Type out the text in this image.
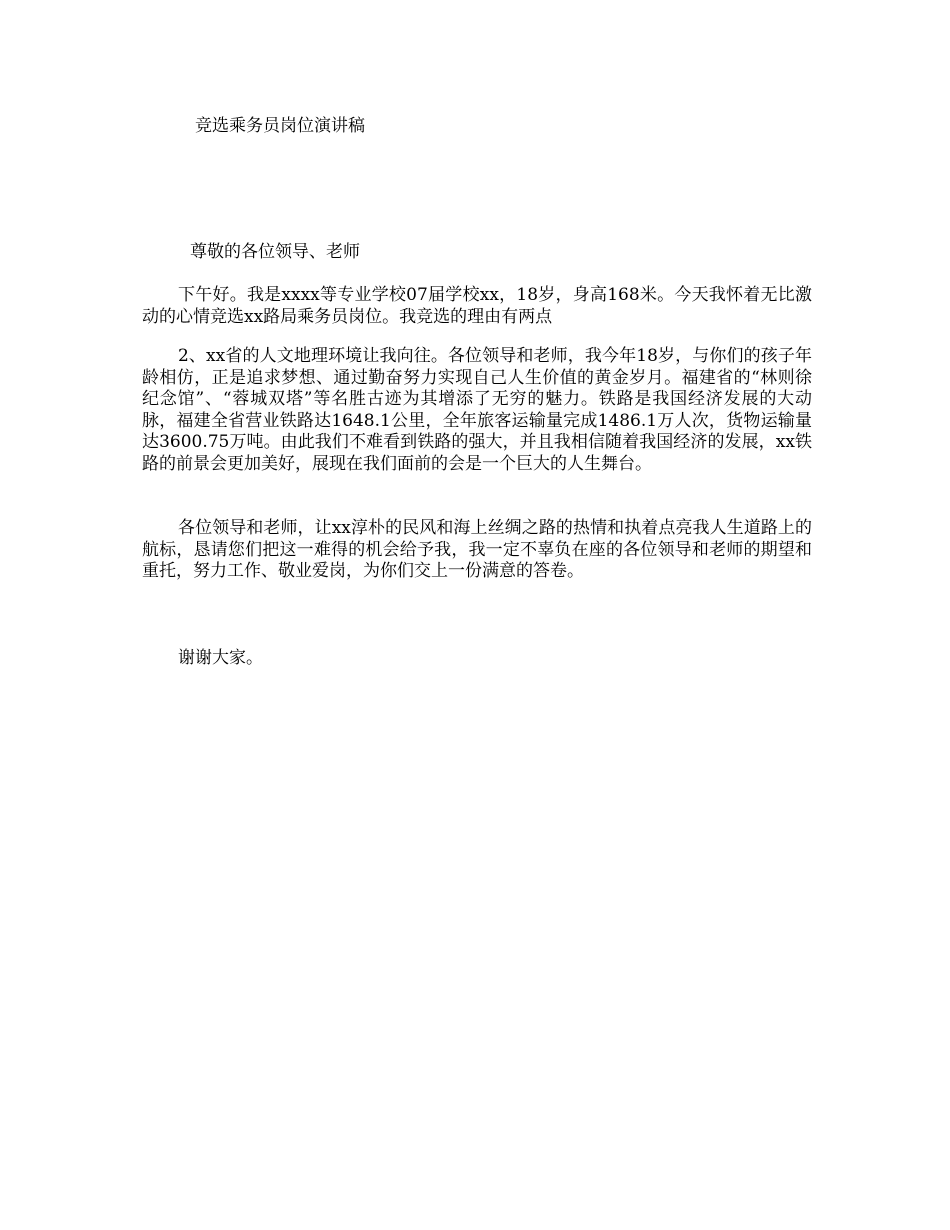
竞选乘务员岗位演讲稿
尊敬的各位领导、老师
下午好。我是xxxx等专业学校07届学校xx，18岁，身高168米。今天我怀着无比激动的心情竞选xx路局乘务员岗位。我竞选的理由有两点
2、xx省的人文地理环境让我向往。各位领导和老师，我今年18岁，与你们的孩子年龄相仿，正是追求梦想、通过勤奋努力实现自己人生价值的黄金岁月。福建省的“林则徐纪念馆”、“蓉城双塔”等名胜古迹为其增添了无穷的魅力。铁路是我国经济发展的大动脉，福建全省营业铁路达1648.1公里，全年旅客运输量完成1486.1万人次，货物运输量达3600.75万吨。由此我们不难看到铁路的强大，并且我相信随着我国经济的发展，xx铁路的前景会更加美好，展现在我们面前的会是一个巨大的人生舞台。
各位领导和老师，让xx淳朴的民风和海上丝绸之路的热情和执着点亮我人生道路上的航标，恳请您们把这一难得的机会给予我，我一定不辜负在座的各位领导和老师的期望和重托，努力工作、敬业爱岗，为你们交上一份满意的答卷。
谢谢大家。
